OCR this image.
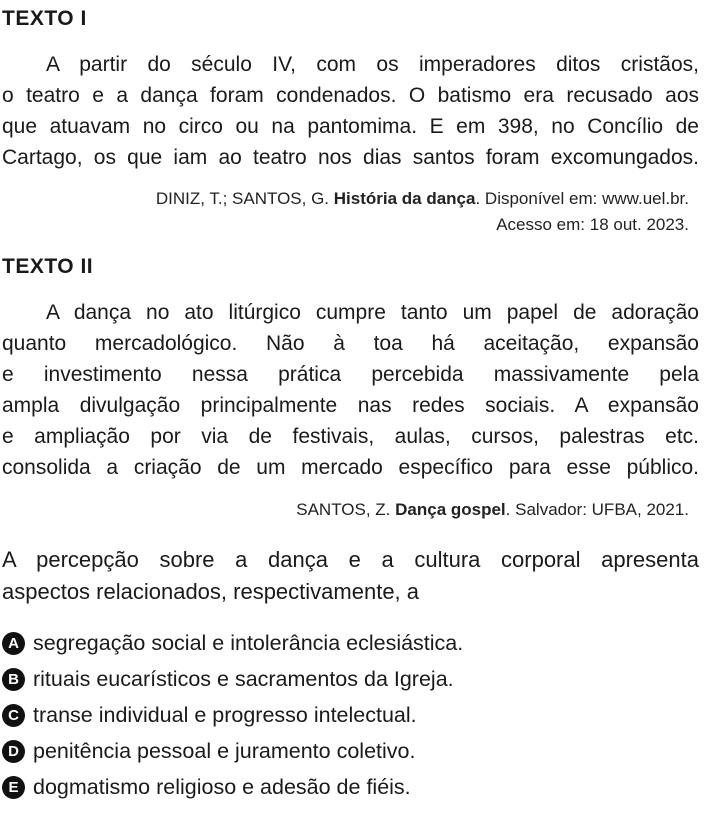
TEXTO I
A partir do século IV, com os imperadores ditos cristãos,
o teatro e a dança foram condenados. O batismo era recusado aos
que atuavam no circo ou na pantomima. E em 398, no Concílio de
Cartago, os que iam ao teatro nos dias santos foram excomungados.
DINIZ, T.; SANTOS, G. História da dança. Disponível em: www.uel.br.
Acesso em: 18 out. 2023.
TEXTO II
A dança no ato litúrgico cumpre tanto um papel de adoração
quanto mercadológico. Não à toa há aceitação, expansão
e investimento nessa prática percebida massivamente pela
ampla divulgação principalmente nas redes sociais. A expansão
e ampliação por via de festivais, aulas, cursos, palestras etc.
consolida a criação de um mercado específico para esse público.
SANTOS, Z. Dança gospel. Salvador: UFBA, 2021.
A percepção sobre a dança e a cultura corporal apresenta
aspectos relacionados, respectivamente, a
A segregação social e intolerância eclesiástica.
B rituais eucarísticos e sacramentos da Igreja.
C transe individual e progresso intelectual.
D penitência pessoal e juramento coletivo.
E dogmatismo religioso e adesão de fiéis.
